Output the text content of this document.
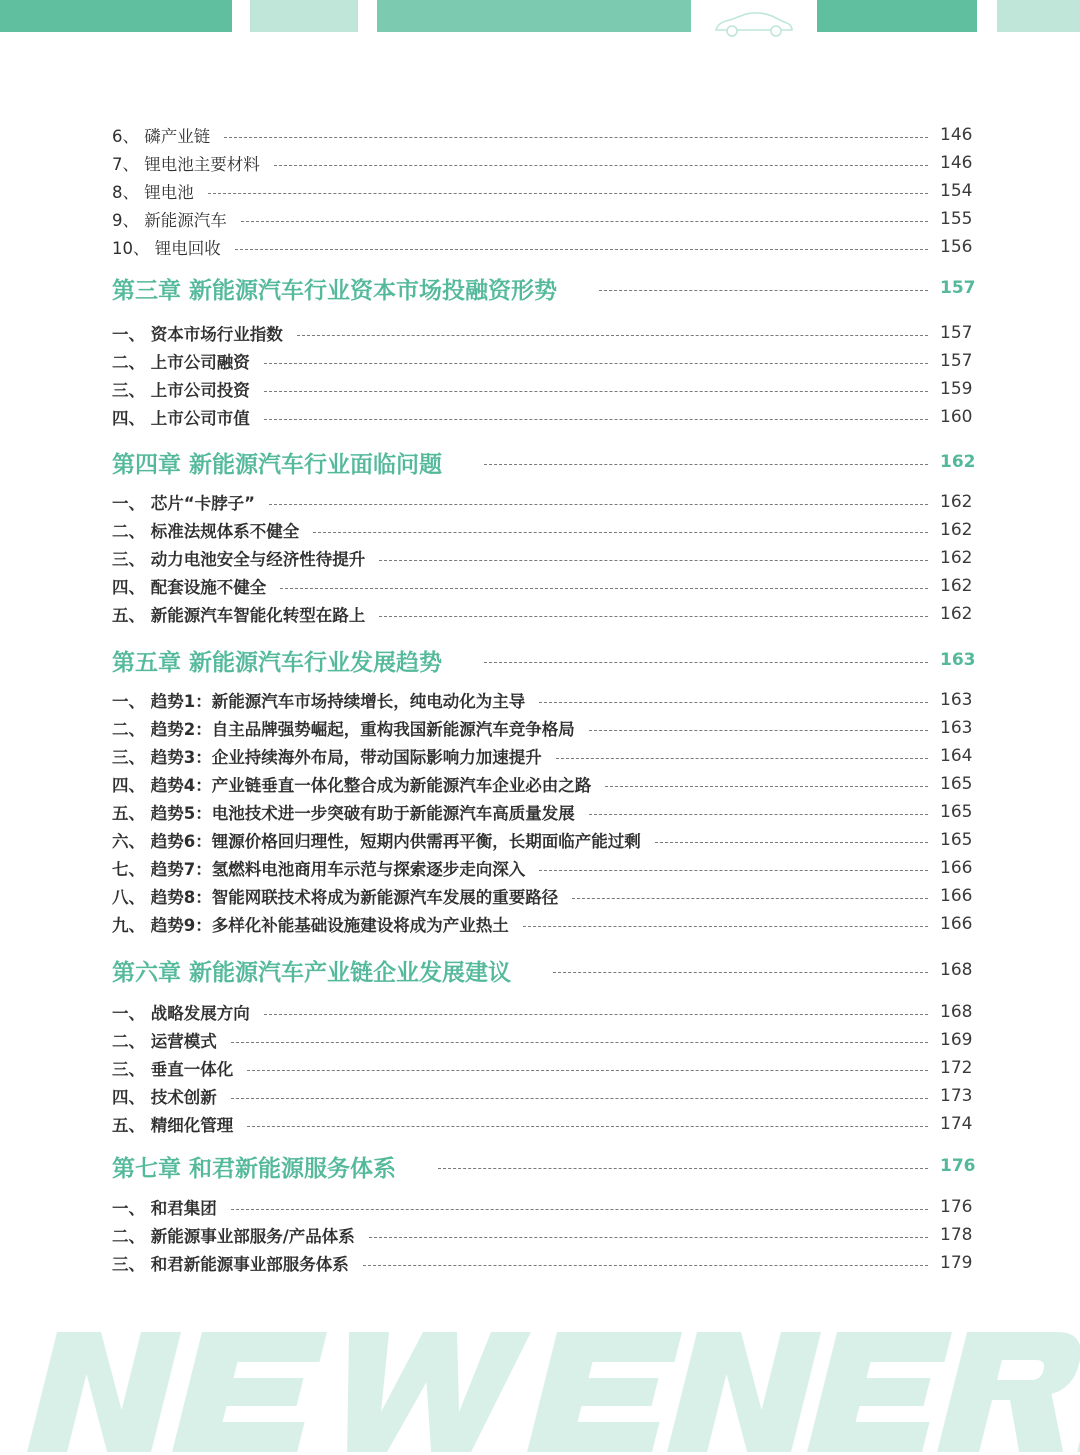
6、 磷产业链	146
7、 锂电池主要材料	146
8、 锂电池	154
9、 新能源汽车	155
10、 锂电回收	156
第三章 新能源汽车行业资本市场投融资形势	157
一、 资本市场行业指数	157
二、 上市公司融资	157
三、 上市公司投资	159
四、 上市公司市值	160
第四章 新能源汽车行业面临问题	162
一、 芯片“卡脖子”	162
二、 标准法规体系不健全	162
三、 动力电池安全与经济性待提升	162
四、 配套设施不健全	162
五、 新能源汽车智能化转型在路上	162
第五章 新能源汽车行业发展趋势	163
一、 趋势1：新能源汽车市场持续增长，纯电动化为主导	163
二、 趋势2：自主品牌强势崛起，重构我国新能源汽车竞争格局	163
三、 趋势3：企业持续海外布局，带动国际影响力加速提升	164
四、 趋势4：产业链垂直一体化整合成为新能源汽车企业必由之路	165
五、 趋势5：电池技术进一步突破有助于新能源汽车高质量发展	165
六、 趋势6：锂源价格回归理性，短期内供需再平衡，长期面临产能过剩	165
七、 趋势7：氢燃料电池商用车示范与探索逐步走向深入	166
八、 趋势8：智能网联技术将成为新能源汽车发展的重要路径	166
九、 趋势9：多样化补能基础设施建设将成为产业热土	166
第六章 新能源汽车产业链企业发展建议	168
一、 战略发展方向	168
二、 运营模式	169
三、 垂直一体化	172
四、 技术创新	173
五、 精细化管理	174
第七章 和君新能源服务体系	176
一、 和君集团	176
二、 新能源事业部服务/产品体系	178
三、 和君新能源事业部服务体系	179
